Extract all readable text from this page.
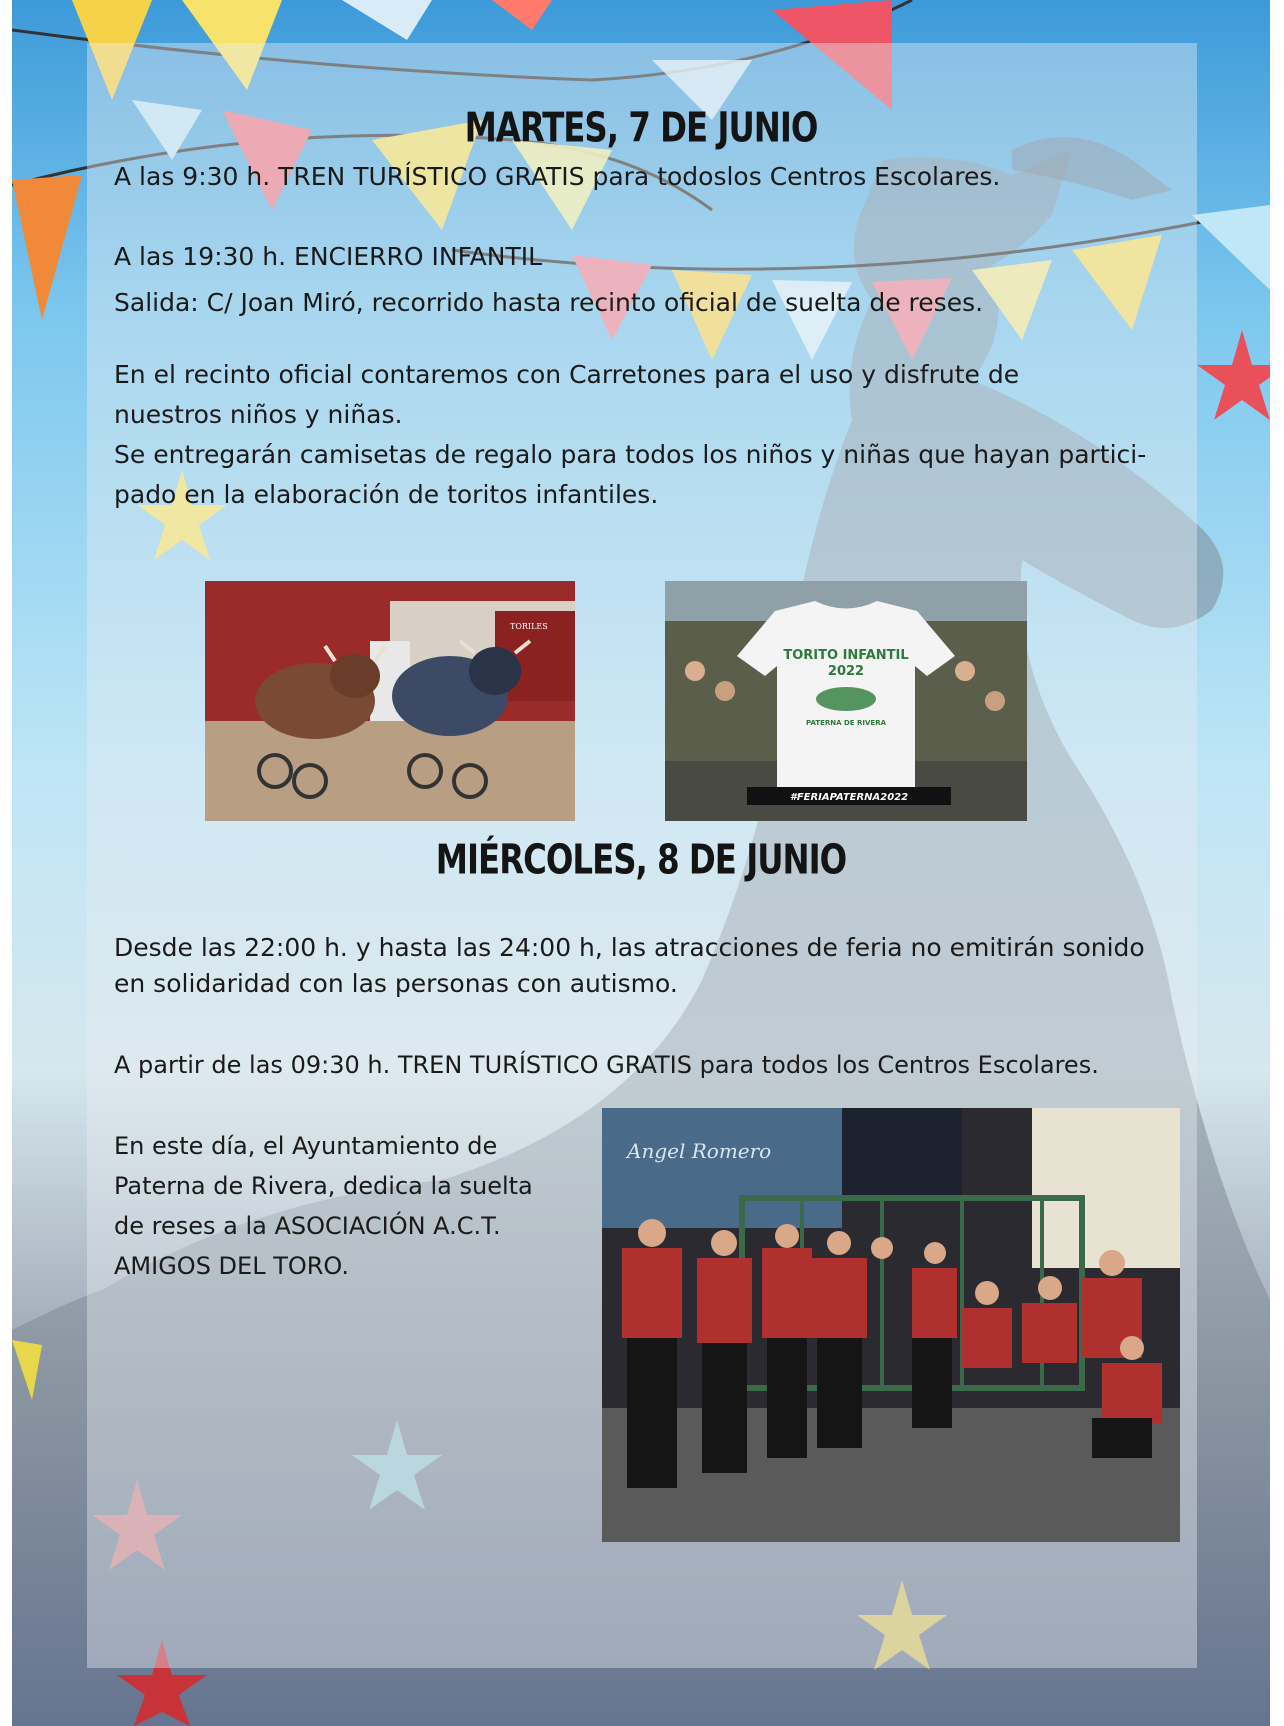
MARTES, 7 DE JUNIO
A las 9:30 h. TREN TURÍSTICO GRATIS para todoslos Centros Escolares.
A las 19:30 h. ENCIERRO INFANTIL
Salida: C/ Joan Miró, recorrido hasta recinto oficial de suelta de reses.
En el recinto oficial contaremos con Carretones para el uso y disfrute de
nuestros niños y niñas.
Se entregarán camisetas de regalo para todos los niños y niñas que hayan partici-
pado en la elaboración de toritos infantiles.
TORILES
TORITO INFANTIL
2022
PATERNA DE RIVERA
#FERIAPATERNA2022
MIÉRCOLES, 8 DE JUNIO
Desde las 22:00 h. y hasta las 24:00 h, las atracciones de feria no emitirán sonido
en solidaridad con las personas con autismo.
A partir de las 09:30 h. TREN TURÍSTICO GRATIS para todos los Centros Escolares.
En este día, el Ayuntamiento de
Paterna de Rivera, dedica la suelta
de reses a la ASOCIACIÓN A.C.T.
AMIGOS DEL TORO.
Angel Romero
